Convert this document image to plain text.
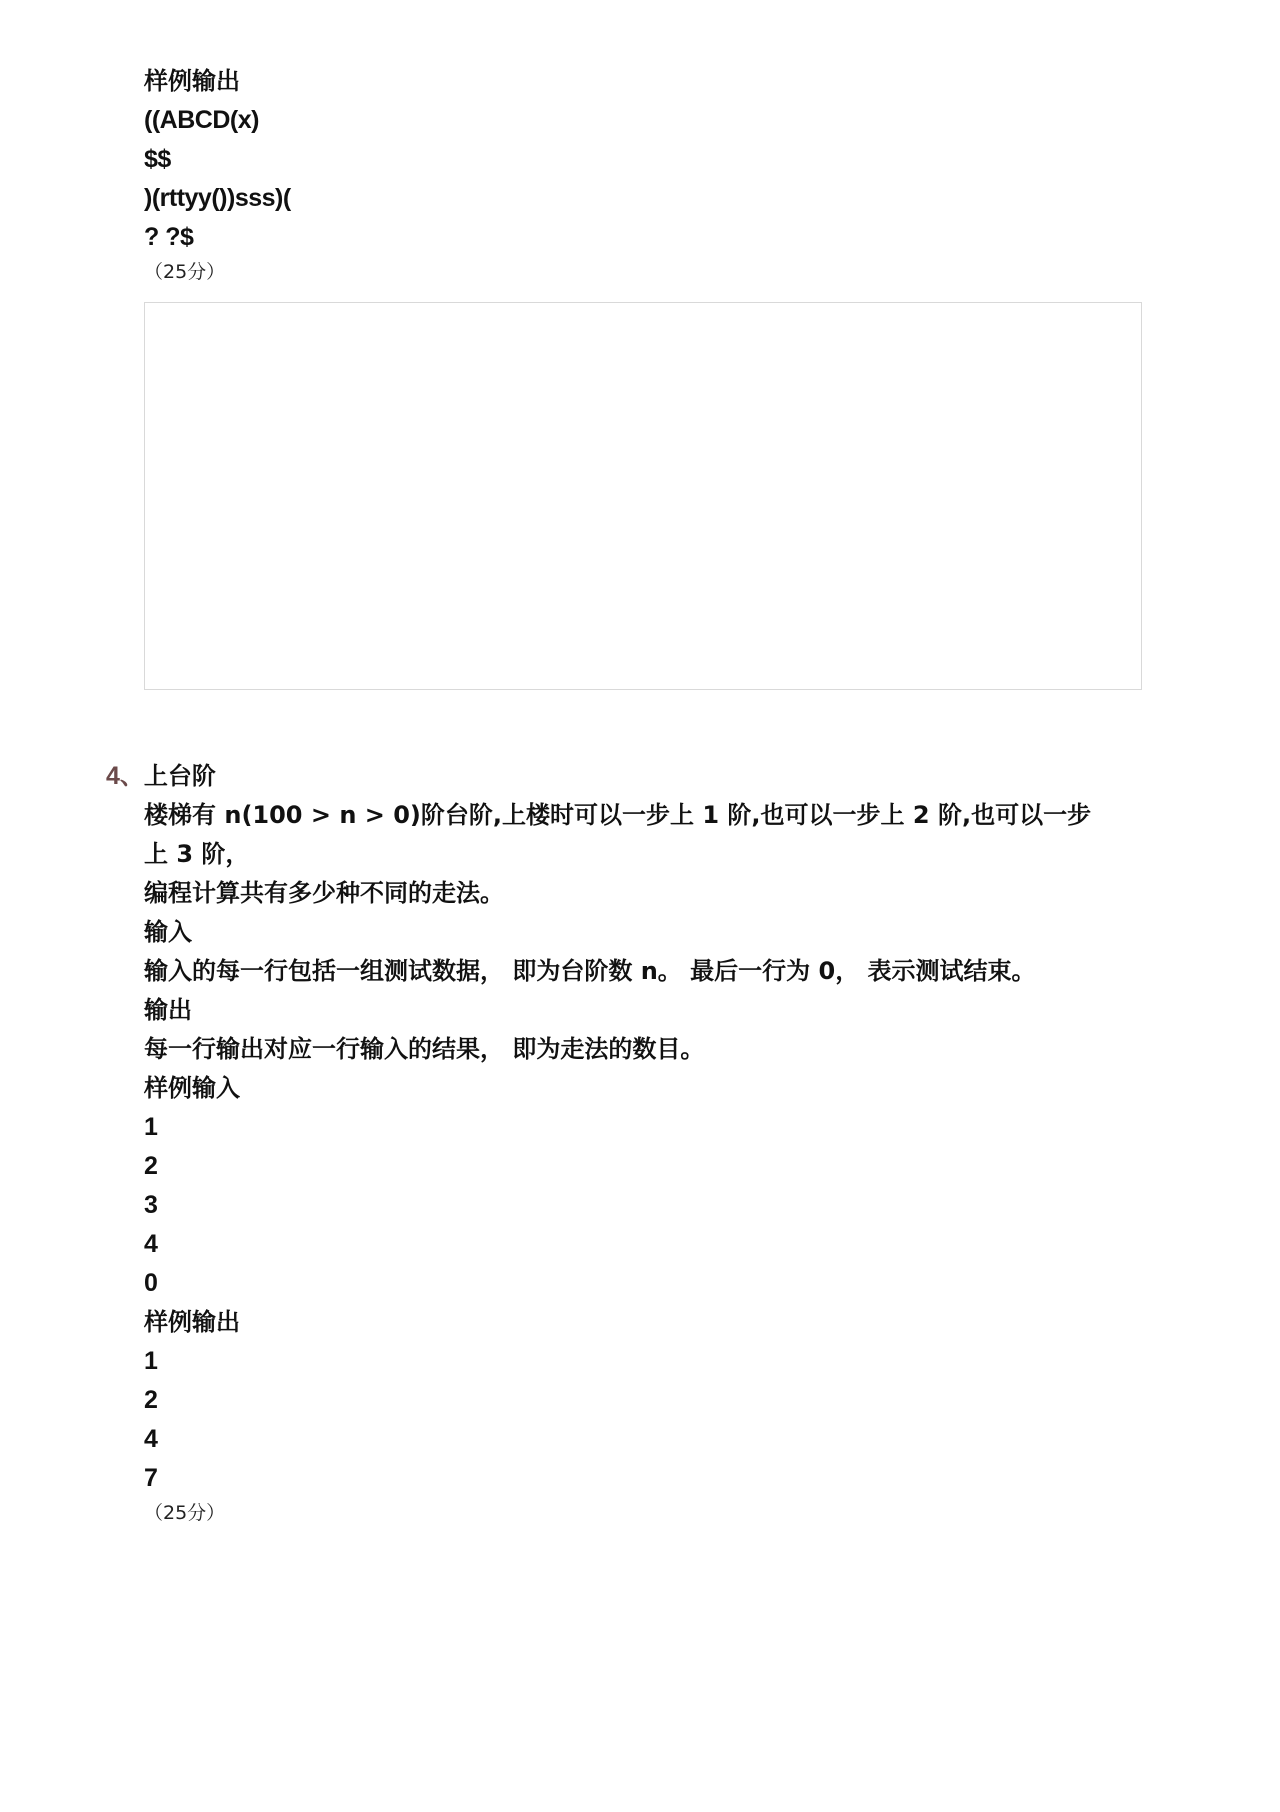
样例输出
((ABCD(x)
$$
)(rttyy())sss)(
? ?$
（25分）
4、上台阶
楼梯有 n(100 > n > 0)阶台阶,上楼时可以一步上 1 阶,也可以一步上 2 阶,也可以一步
上 3 阶，
编程计算共有多少种不同的走法。
输入
输入的每一行包括一组测试数据， 即为台阶数 n。 最后一行为 0， 表示测试结束。
输出
每一行输出对应一行输入的结果， 即为走法的数目。
样例输入
1
2
3
4
0
样例输出
1
2
4
7
（25分）
